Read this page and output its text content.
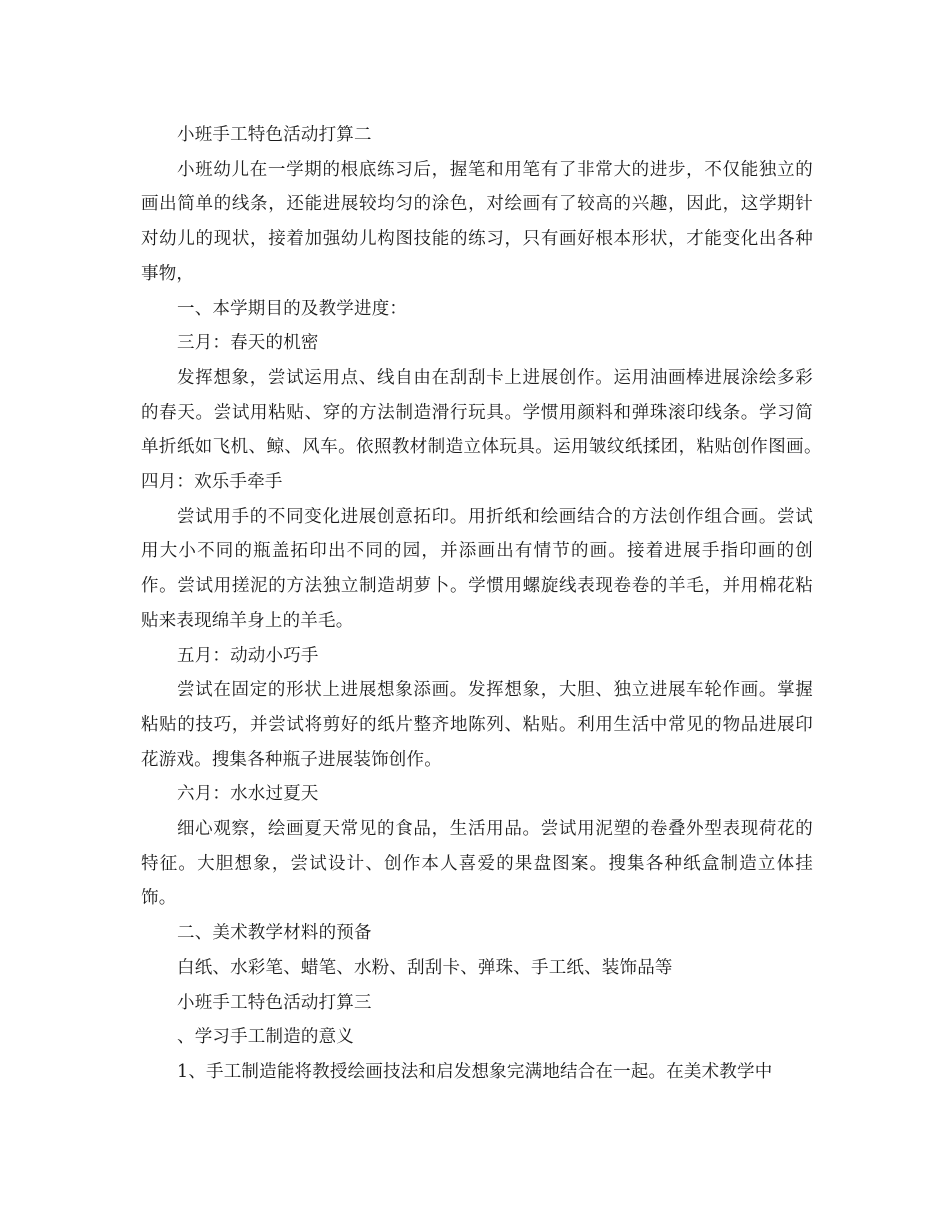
小班手工特色活动打算二

小班幼儿在一学期的根底练习后，握笔和用笔有了非常大的进步，不仅能独立的画出简单的线条，还能进展较均匀的涂色，对绘画有了较高的兴趣，因此，这学期针对幼儿的现状，接着加强幼儿构图技能的练习，只有画好根本形状，才能变化出各种事物，

一、本学期目的及教学进度：

三月：春天的机密

发挥想象，尝试运用点、线自由在刮刮卡上进展创作。运用油画棒进展涂绘多彩的春天。尝试用粘贴、穿的方法制造滑行玩具。学惯用颜料和弹珠滚印线条。学习简单折纸如飞机、鲸、风车。依照教材制造立体玩具。运用皱纹纸揉团，粘贴创作图画。　四月：欢乐手牵手

尝试用手的不同变化进展创意拓印。用折纸和绘画结合的方法创作组合画。尝试用大小不同的瓶盖拓印出不同的园，并添画出有情节的画。接着进展手指印画的创作。尝试用搓泥的方法独立制造胡萝卜。学惯用螺旋线表现卷卷的羊毛，并用棉花粘贴来表现绵羊身上的羊毛。

五月：动动小巧手

尝试在固定的形状上进展想象添画。发挥想象，大胆、独立进展车轮作画。掌握粘贴的技巧，并尝试将剪好的纸片整齐地陈列、粘贴。利用生活中常见的物品进展印花游戏。搜集各种瓶子进展装饰创作。

六月：水水过夏天

细心观察，绘画夏天常见的食品，生活用品。尝试用泥塑的卷叠外型表现荷花的特征。大胆想象，尝试设计、创作本人喜爱的果盘图案。搜集各种纸盒制造立体挂饰。

二、美术教学材料的预备

白纸、水彩笔、蜡笔、水粉、刮刮卡、弹珠、手工纸、装饰品等

小班手工特色活动打算三

、学习手工制造的意义

1、手工制造能将教授绘画技法和启发想象完满地结合在一起。在美术教学中
